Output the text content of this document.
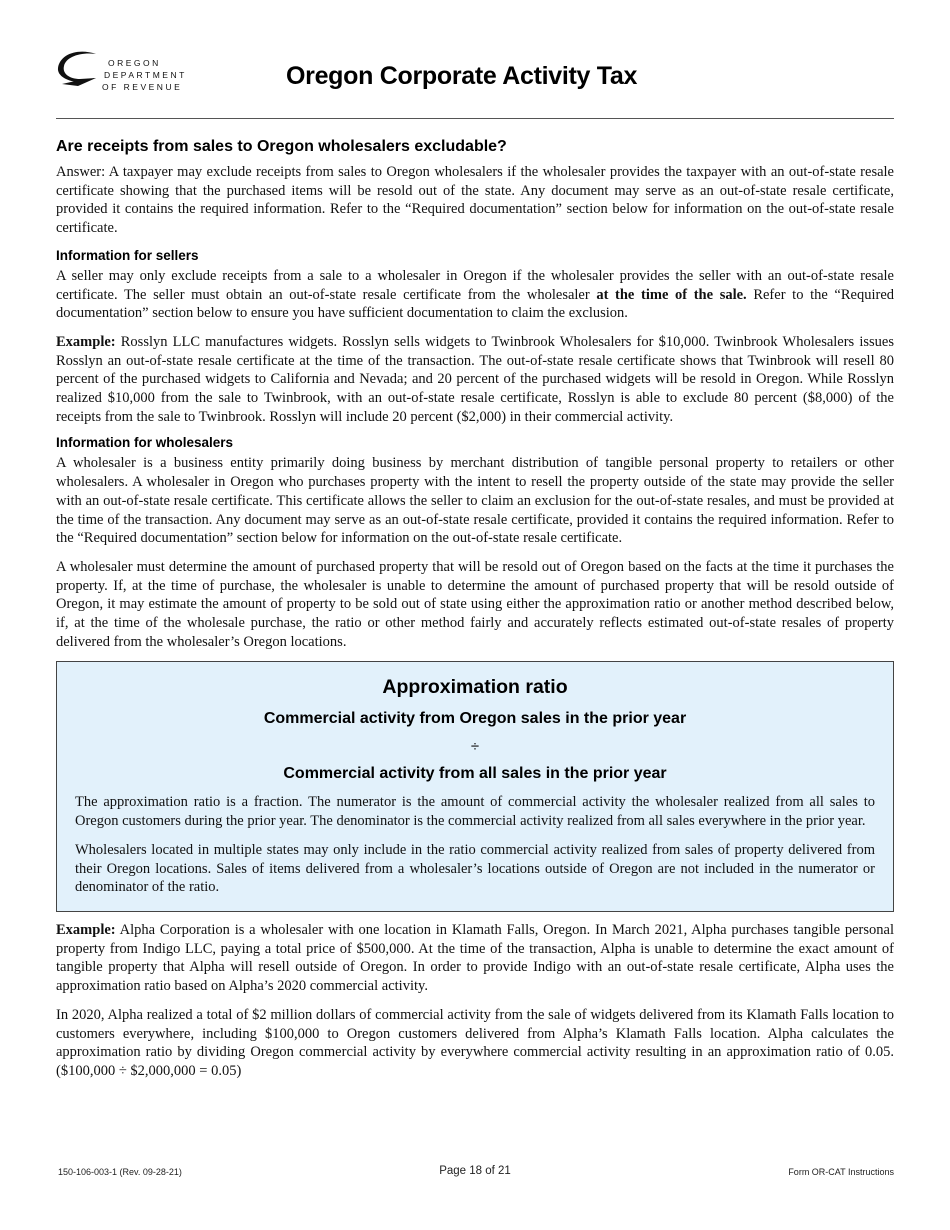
OREGON
DEPARTMENT
OF REVENUE	Oregon Corporate Activity Tax
Are receipts from sales to Oregon wholesalers excludable?

Answer: A taxpayer may exclude receipts from sales to Oregon wholesalers if the wholesaler provides the taxpayer with an out-of-state resale certificate showing that the purchased items will be resold out of the state. Any document may serve as an out-of-state resale certificate, provided it contains the required information. Refer to the “Required documentation” section below for information on the out-of-state resale certificate.

Information for sellers

A seller may only exclude receipts from a sale to a wholesaler in Oregon if the wholesaler provides the seller with an out-of-state resale certificate. The seller must obtain an out-of-state resale certificate from the wholesaler at the time of the sale. Refer to the “Required documentation” section below to ensure you have sufficient documentation to claim the exclusion.

Example: Rosslyn LLC manufactures widgets. Rosslyn sells widgets to Twinbrook Wholesalers for $10,000. Twinbrook Wholesalers issues Rosslyn an out-of-state resale certificate at the time of the transaction. The out-of-state resale certificate shows that Twinbrook will resell 80 percent of the purchased widgets to California and Nevada; and 20 percent of the purchased widgets will be resold in Oregon. While Rosslyn realized $10,000 from the sale to Twinbrook, with an out-of-state resale certificate, Rosslyn is able to exclude 80 percent ($8,000) of the receipts from the sale to Twinbrook. Rosslyn will include 20 percent ($2,000) in their commercial activity.

Information for wholesalers

A wholesaler is a business entity primarily doing business by merchant distribution of tangible personal property to retailers or other wholesalers. A wholesaler in Oregon who purchases property with the intent to resell the property outside of the state may provide the seller with an out-of-state resale certificate. This certificate allows the seller to claim an exclusion for the out-of-state resales, and must be provided at the time of the transaction. Any document may serve as an out-of-state resale certificate, provided it contains the required information. Refer to the “Required documentation” section below for information on the out-of-state resale certificate.

A wholesaler must determine the amount of purchased property that will be resold out of Oregon based on the facts at the time it purchases the property. If, at the time of purchase, the wholesaler is unable to determine the amount of purchased property that will be resold outside of Oregon, it may estimate the amount of property to be sold out of state using either the approximation ratio or another method described below, if, at the time of the wholesale purchase, the ratio or other method fairly and accurately reflects estimated out-of-state resales of property delivered from the wholesaler’s Oregon locations.

Approximation ratio
Commercial activity from Oregon sales in the prior year
÷
Commercial activity from all sales in the prior year

The approximation ratio is a fraction. The numerator is the amount of commercial activity the wholesaler realized from all sales to Oregon customers during the prior year. The denominator is the commercial activity realized from all sales everywhere in the prior year.

Wholesalers located in multiple states may only include in the ratio commercial activity realized from sales of property delivered from their Oregon locations. Sales of items delivered from a wholesaler’s locations outside of Oregon are not included in the numerator or denominator of the ratio.

Example: Alpha Corporation is a wholesaler with one location in Klamath Falls, Oregon. In March 2021, Alpha purchases tangible personal property from Indigo LLC, paying a total price of $500,000. At the time of the transaction, Alpha is unable to determine the exact amount of tangible property that Alpha will resell outside of Oregon. In order to provide Indigo with an out-of-state resale certificate, Alpha uses the approximation ratio based on Alpha’s 2020 commercial activity.

In 2020, Alpha realized a total of $2 million dollars of commercial activity from the sale of widgets delivered from its Klamath Falls location to customers everywhere, including $100,000 to Oregon customers delivered from Alpha’s Klamath Falls location. Alpha calculates the approximation ratio by dividing Oregon commercial activity by everywhere commercial activity resulting in an approximation ratio of 0.05. ($100,000 ÷ $2,000,000 = 0.05)

150-106-003-1 (Rev. 09-28-21)	Page 18 of 21	Form OR-CAT Instructions
